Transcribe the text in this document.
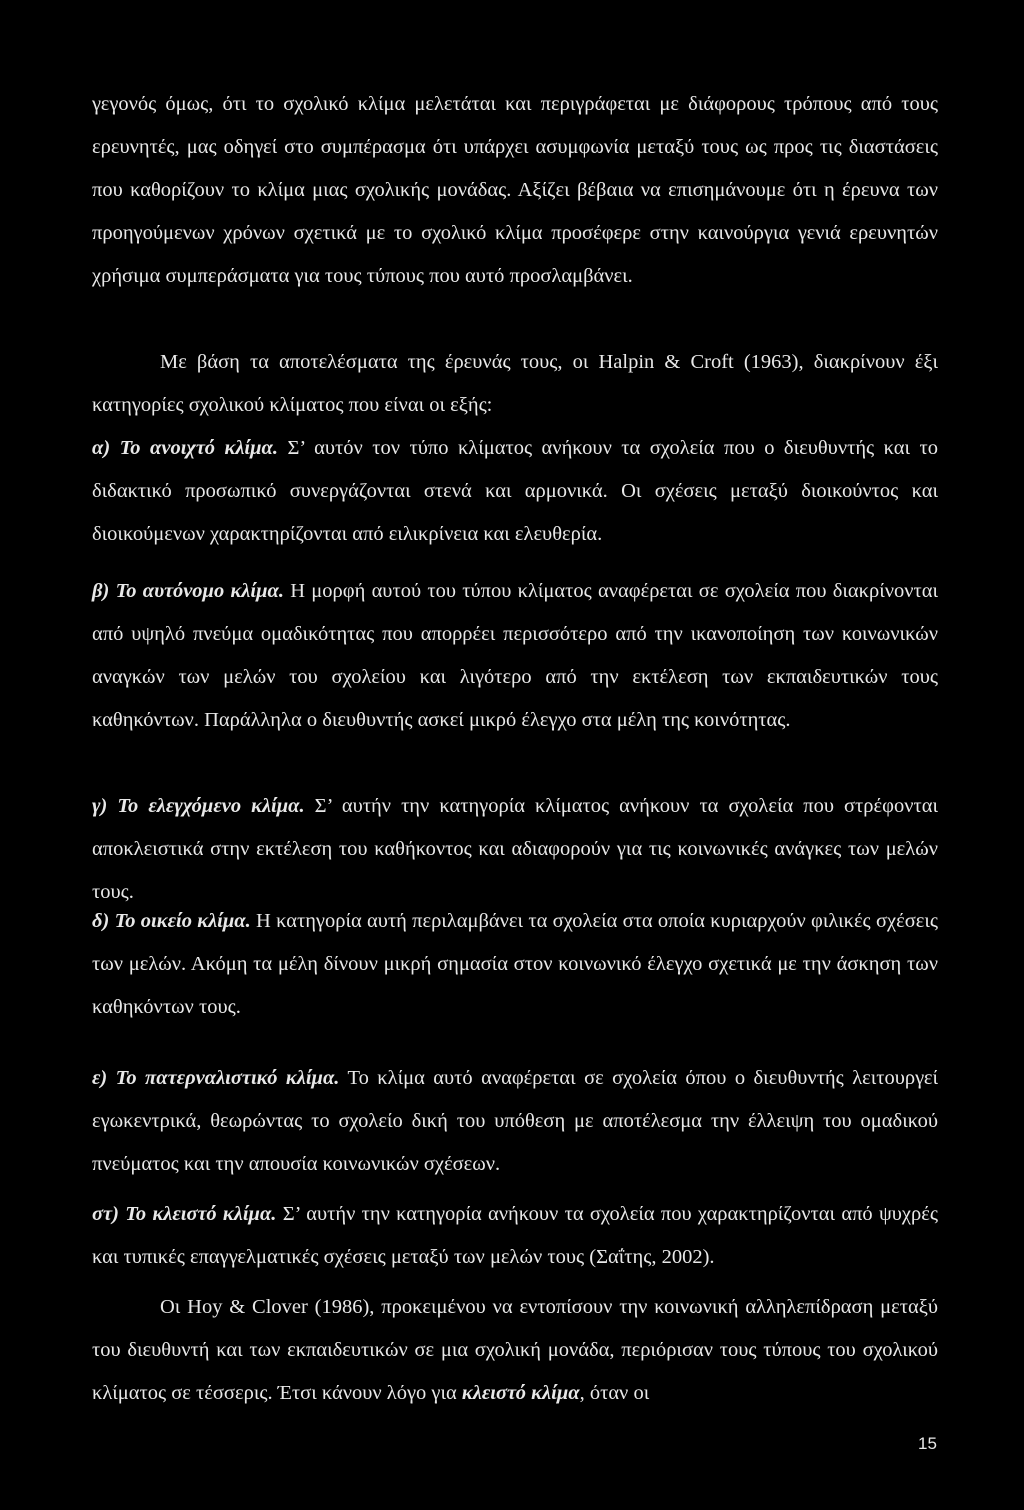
γεγονός όμως, ότι το σχολικό κλίμα μελετάται και περιγράφεται με διάφορους τρόπους από τους ερευνητές, μας οδηγεί στο συμπέρασμα ότι υπάρχει ασυμφωνία μεταξύ τους ως προς τις διαστάσεις που καθορίζουν το κλίμα μιας σχολικής μονάδας. Αξίζει βέβαια να επισημάνουμε ότι η έρευνα των προηγούμενων χρόνων σχετικά με το σχολικό κλίμα προσέφερε στην καινούργια γενιά ερευνητών χρήσιμα συμπεράσματα για τους τύπους που αυτό προσλαμβάνει.

Με βάση τα αποτελέσματα της έρευνάς τους, οι Halpin & Croft (1963), διακρίνουν έξι κατηγορίες σχολικού κλίματος που είναι οι εξής:

α) Το ανοιχτό κλίμα. Σ’ αυτόν τον τύπο κλίματος ανήκουν τα σχολεία που ο διευθυντής και το διδακτικό προσωπικό συνεργάζονται στενά και αρμονικά. Οι σχέσεις μεταξύ διοικούντος και διοικούμενων χαρακτηρίζονται από ειλικρίνεια και ελευθερία.

β) Το αυτόνομο κλίμα. Η μορφή αυτού του τύπου κλίματος αναφέρεται σε σχολεία που διακρίνονται από υψηλό πνεύμα ομαδικότητας που απορρέει περισσότερο από την ικανοποίηση των κοινωνικών αναγκών των μελών του σχολείου και λιγότερο από την εκτέλεση των εκπαιδευτικών τους καθηκόντων. Παράλληλα ο διευθυντής ασκεί μικρό έλεγχο στα μέλη της κοινότητας.

γ) Το ελεγχόμενο κλίμα. Σ’ αυτήν την κατηγορία κλίματος ανήκουν τα σχολεία που στρέφονται αποκλειστικά στην εκτέλεση του καθήκοντος και αδιαφορούν για τις κοινωνικές ανάγκες των μελών τους.

δ) Το οικείο κλίμα. Η κατηγορία αυτή περιλαμβάνει τα σχολεία στα οποία κυριαρχούν φιλικές σχέσεις των μελών. Ακόμη τα μέλη δίνουν μικρή σημασία στον κοινωνικό έλεγχο σχετικά με την άσκηση των καθηκόντων τους.

ε) Το πατερναλιστικό κλίμα. Το κλίμα αυτό αναφέρεται σε σχολεία όπου ο διευθυντής λειτουργεί εγωκεντρικά, θεωρώντας το σχολείο δική του υπόθεση με αποτέλεσμα την έλλειψη του ομαδικού πνεύματος και την απουσία κοινωνικών σχέσεων.

στ) Το κλειστό κλίμα. Σ’ αυτήν την κατηγορία ανήκουν τα σχολεία που χαρακτηρίζονται από ψυχρές και τυπικές επαγγελματικές σχέσεις μεταξύ των μελών τους (Σαΐτης, 2002).

Οι Hoy & Clover (1986), προκειμένου να εντοπίσουν την κοινωνική αλληλεπίδραση μεταξύ του διευθυντή και των εκπαιδευτικών σε μια σχολική μονάδα, περιόρισαν τους τύπους του σχολικού κλίματος σε τέσσερις. Έτσι κάνουν λόγο για κλειστό κλίμα, όταν οι

15
